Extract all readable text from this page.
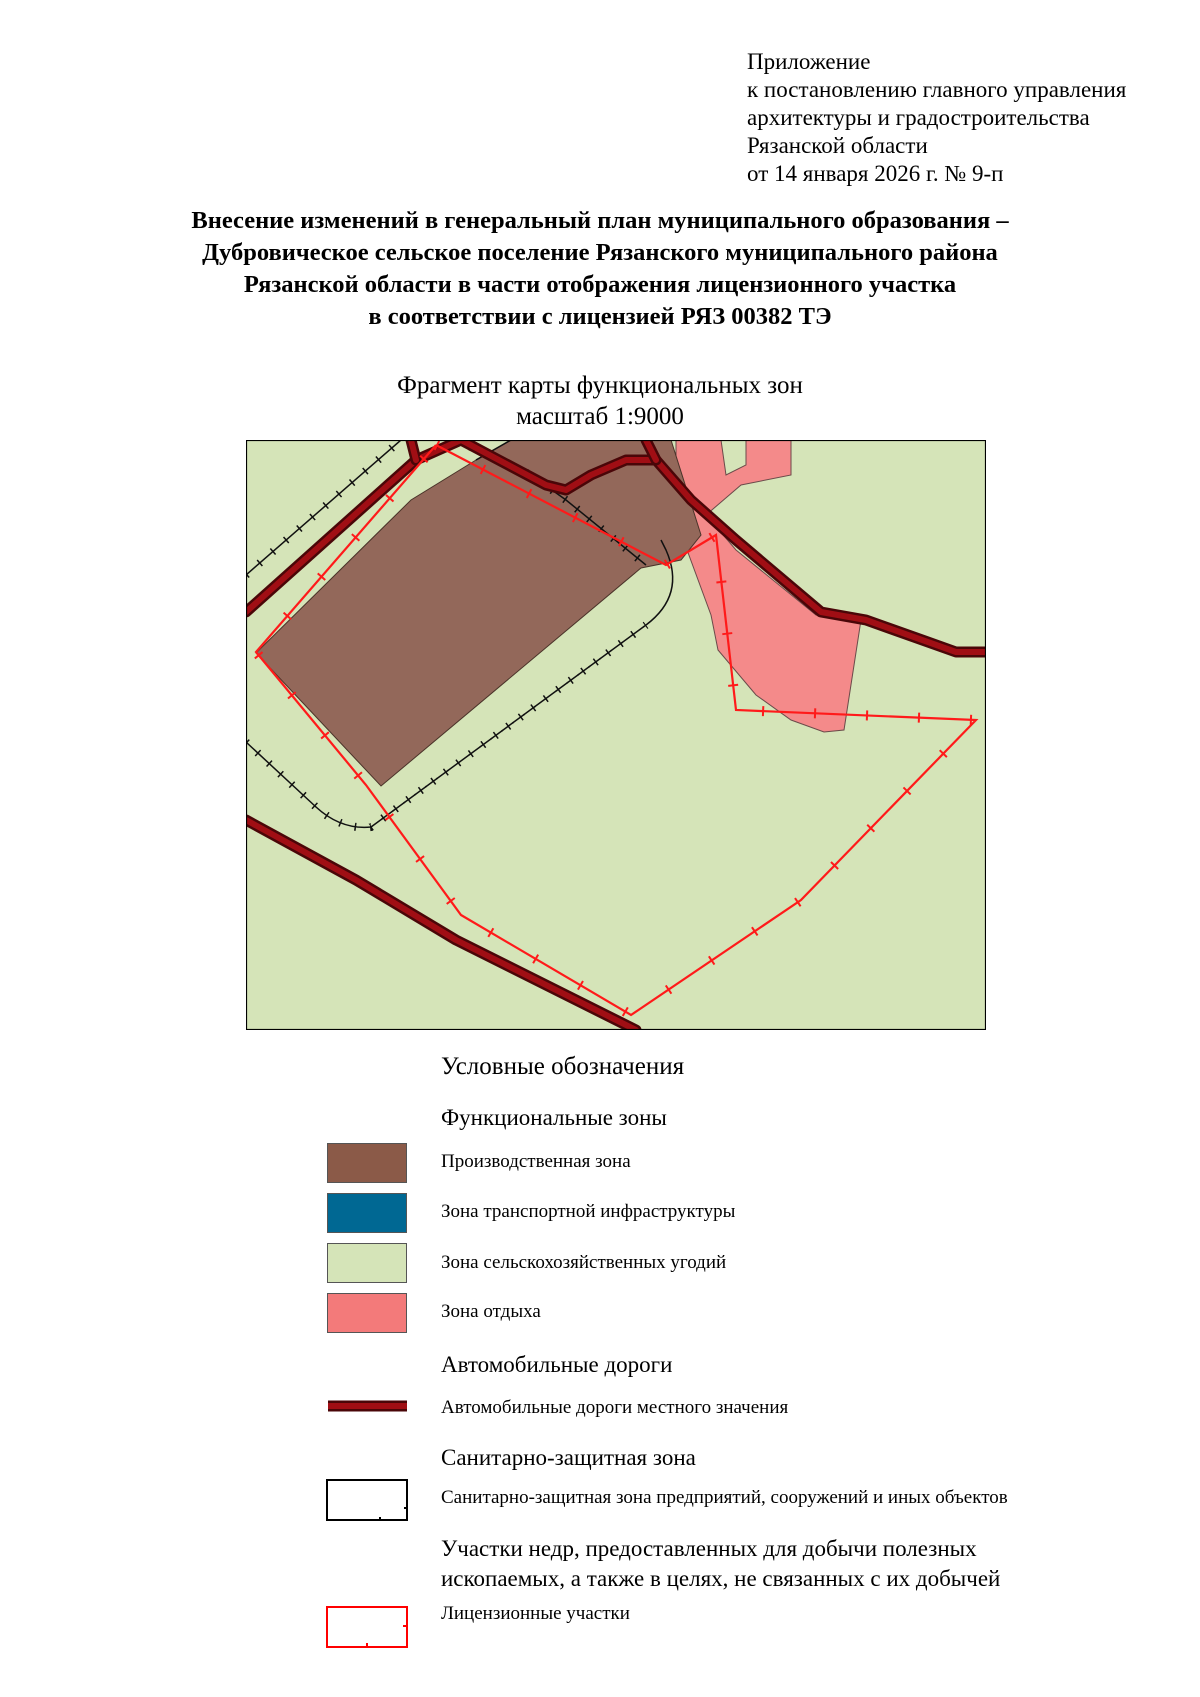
Приложение
к постановлению главного управления
архитектуры и градостроительства
Рязанской области
от 14 января 2026 г. № 9-п
Внесение изменений в генеральный план муниципального образования –
Дубровическое сельское поселение Рязанского муниципального района
Рязанской области в части отображения лицензионного участка
в соответствии с лицензией РЯЗ 00382 ТЭ
Фрагмент карты функциональных зон
масштаб 1:9000
Условные обозначения
Функциональные зоны
Производственная зона
Зона транспортной инфраструктуры
Зона сельскохозяйственных угодий
Зона отдыха
Автомобильные дороги
Автомобильные дороги местного значения
Санитарно-защитная зона
Санитарно-защитная зона предприятий, сооружений и иных объектов
Участки недр, предоставленных для добычи полезных
ископаемых, а также в целях, не связанных с их добычей
Лицензионные участки
